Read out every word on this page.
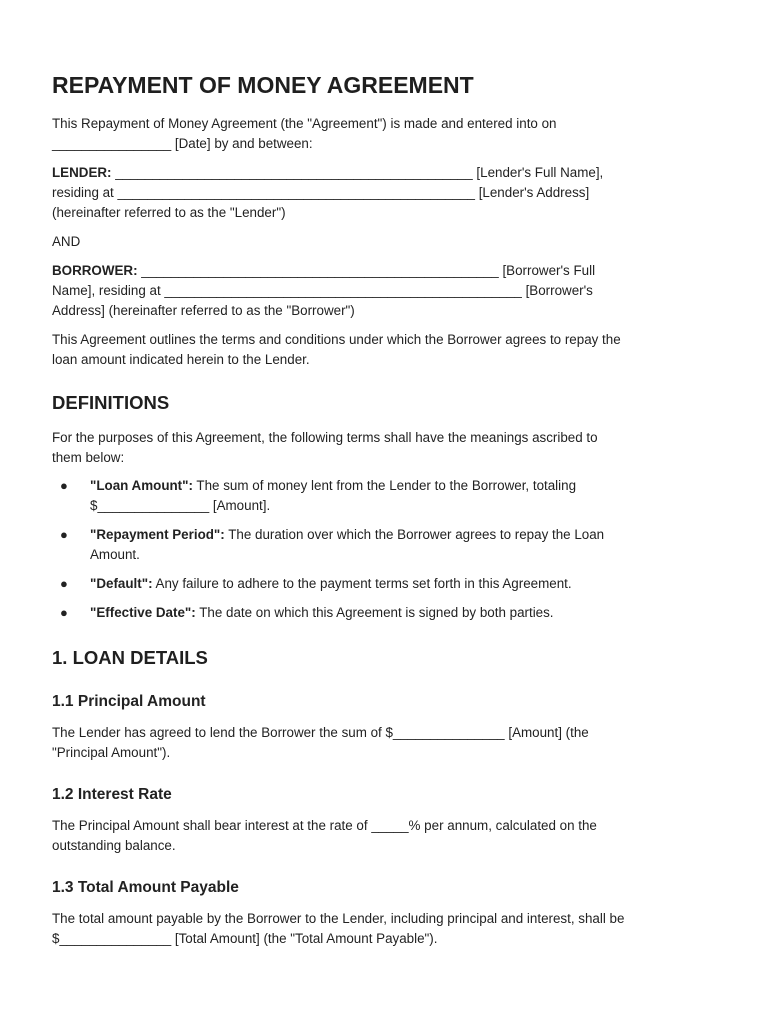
REPAYMENT OF MONEY AGREEMENT

This Repayment of Money Agreement (the "Agreement") is made and entered into on
________________ [Date] by and between:

LENDER: ________________________________________________ [Lender's Full Name],
residing at ________________________________________________ [Lender's Address]
(hereinafter referred to as the "Lender")

AND

BORROWER: ________________________________________________ [Borrower's Full
Name], residing at ________________________________________________ [Borrower's
Address] (hereinafter referred to as the "Borrower")

This Agreement outlines the terms and conditions under which the Borrower agrees to repay the
loan amount indicated herein to the Lender.

DEFINITIONS

For the purposes of this Agreement, the following terms shall have the meanings ascribed to
them below:

● "Loan Amount": The sum of money lent from the Lender to the Borrower, totaling
$_______________ [Amount].
● "Repayment Period": The duration over which the Borrower agrees to repay the Loan
Amount.
● "Default": Any failure to adhere to the payment terms set forth in this Agreement.
● "Effective Date": The date on which this Agreement is signed by both parties.
1. LOAN DETAILS
1.1 Principal Amount

The Lender has agreed to lend the Borrower the sum of $_______________ [Amount] (the
"Principal Amount").

1.2 Interest Rate

The Principal Amount shall bear interest at the rate of _____% per annum, calculated on the
outstanding balance.

1.3 Total Amount Payable

The total amount payable by the Borrower to the Lender, including principal and interest, shall be
$_______________ [Total Amount] (the "Total Amount Payable").
